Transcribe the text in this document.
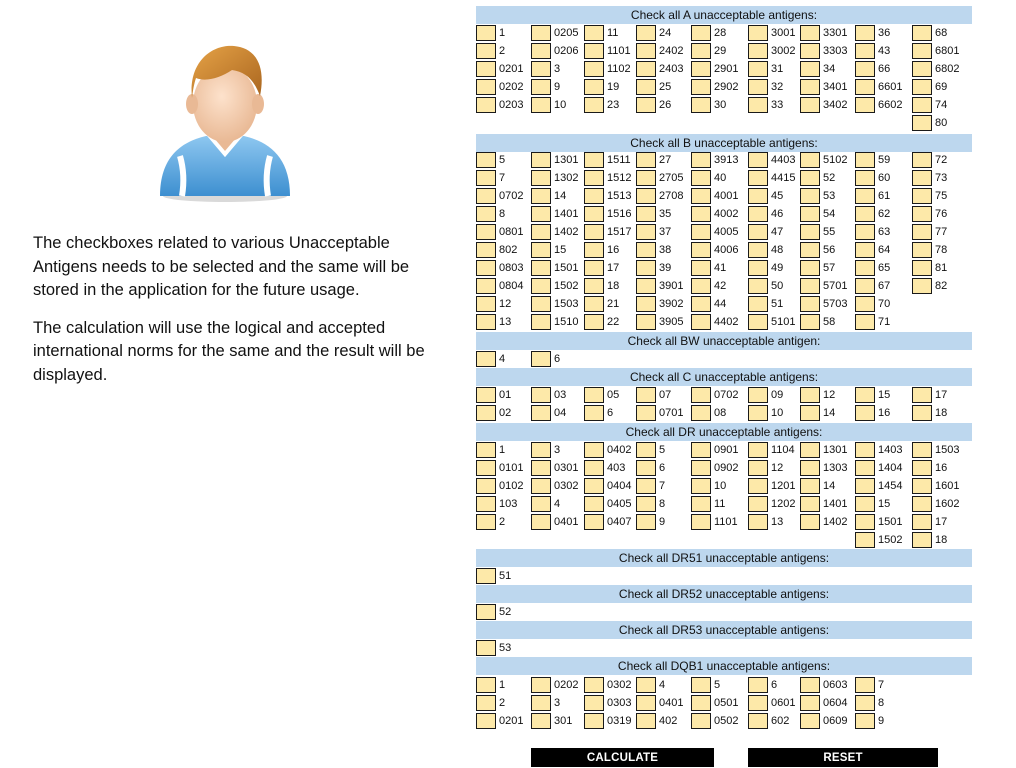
The checkboxes related to various Unacceptable Antigens needs to be selected and the same will be stored in the application for the future usage.

The calculation will use the logical and accepted international norms for the same and the result will be displayed.

Check all A unacceptable antigens:
1
2
0201
0202
0203
0205
0206
3
9
10
11
1101
1102
19
23
24
2402
2403
25
26
28
29
2901
2902
30
3001
3002
31
32
33
3301
3303
34
3401
3402
36
43
66
6601
6602
68
6801
6802
69
74
80
Check all B unacceptable antigens:
5
7
0702
8
0801
802
0803
0804
12
13
1301
1302
14
1401
1402
15
1501
1502
1503
1510
1511
1512
1513
1516
1517
16
17
18
21
22
27
2705
2708
35
37
38
39
3901
3902
3905
3913
40
4001
4002
4005
4006
41
42
44
4402
4403
4415
45
46
47
48
49
50
51
5101
5102
52
53
54
55
56
57
5701
5703
58
59
60
61
62
63
64
65
67
70
71
72
73
75
76
77
78
81
82
Check all BW unacceptable antigen:
4	6
Check all C unacceptable antigens:
01
02
03
04
05
6
07
0701
0702
08
09
10
12
14
15
16
17
18
Check all DR unacceptable antigens:
1
0101
0102
103
2
3
0301
0302
4
0401
0402
403
0404
0405
0407
5
6
7
8
9
0901
0902
10
11
1101
1104
12
1201
1202
13
1301
1303
14
1401
1402
1403
1404
1454
15
1501
1502
1503
16
1601
1602
17
18
Check all DR51 unacceptable antigens:
51
Check all DR52 unacceptable antigens:
52
Check all DR53 unacceptable antigens:
53
Check all DQB1 unacceptable antigens:
1
2
0201
0202
3
301
0302
0303
0319
4
0401
402
5
0501
0502
6
0601
602
0603
0604
0609
7
8
9
CALCULATE	RESET
